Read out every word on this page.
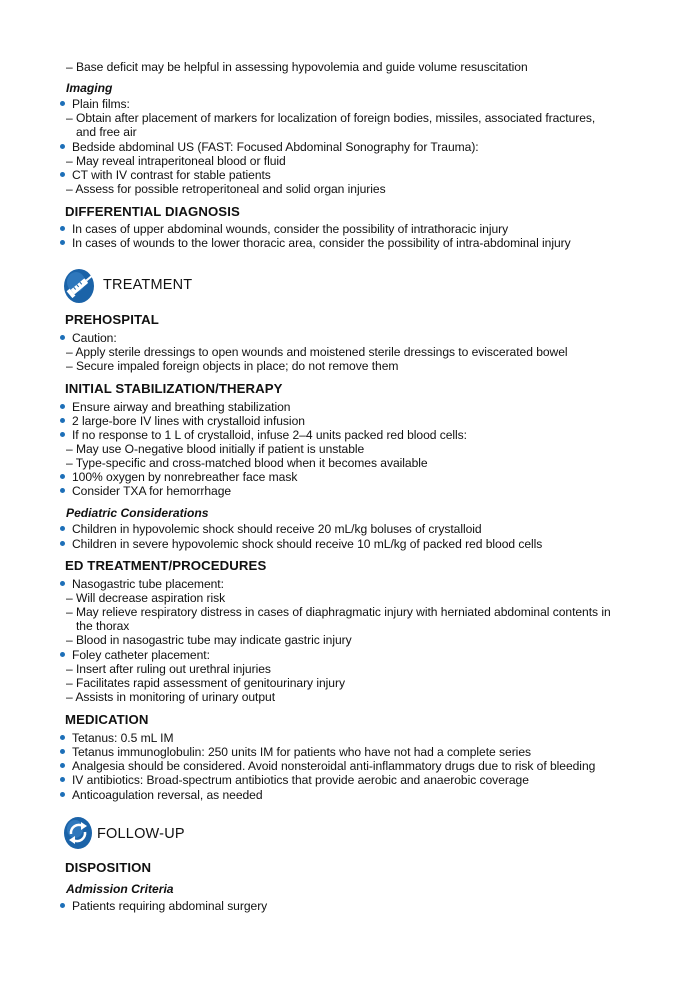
– Base deficit may be helpful in assessing hypovolemia and guide volume resuscitation
Imaging
Plain films:
– Obtain after placement of markers for localization of foreign bodies, missiles, associated fractures,
and free air
Bedside abdominal US (FAST: Focused Abdominal Sonography for Trauma):
– May reveal intraperitoneal blood or fluid
CT with IV contrast for stable patients
– Assess for possible retroperitoneal and solid organ injuries
DIFFERENTIAL DIAGNOSIS
In cases of upper abdominal wounds, consider the possibility of intrathoracic injury
In cases of wounds to the lower thoracic area, consider the possibility of intra-abdominal injury
TREATMENT
PREHOSPITAL
Caution:
– Apply sterile dressings to open wounds and moistened sterile dressings to eviscerated bowel
– Secure impaled foreign objects in place; do not remove them
INITIAL STABILIZATION/THERAPY
Ensure airway and breathing stabilization
2 large-bore IV lines with crystalloid infusion
If no response to 1 L of crystalloid, infuse 2–4 units packed red blood cells:
– May use O-negative blood initially if patient is unstable
– Type-specific and cross-matched blood when it becomes available
100% oxygen by nonrebreather face mask
Consider TXA for hemorrhage
Pediatric Considerations
Children in hypovolemic shock should receive 20 mL/kg boluses of crystalloid
Children in severe hypovolemic shock should receive 10 mL/kg of packed red blood cells
ED TREATMENT/PROCEDURES
Nasogastric tube placement:
– Will decrease aspiration risk
– May relieve respiratory distress in cases of diaphragmatic injury with herniated abdominal contents in
the thorax
– Blood in nasogastric tube may indicate gastric injury
Foley catheter placement:
– Insert after ruling out urethral injuries
– Facilitates rapid assessment of genitourinary injury
– Assists in monitoring of urinary output
MEDICATION
Tetanus: 0.5 mL IM
Tetanus immunoglobulin: 250 units IM for patients who have not had a complete series
Analgesia should be considered. Avoid nonsteroidal anti-inflammatory drugs due to risk of bleeding
IV antibiotics: Broad-spectrum antibiotics that provide aerobic and anaerobic coverage
Anticoagulation reversal, as needed
FOLLOW-UP
DISPOSITION
Admission Criteria
Patients requiring abdominal surgery
